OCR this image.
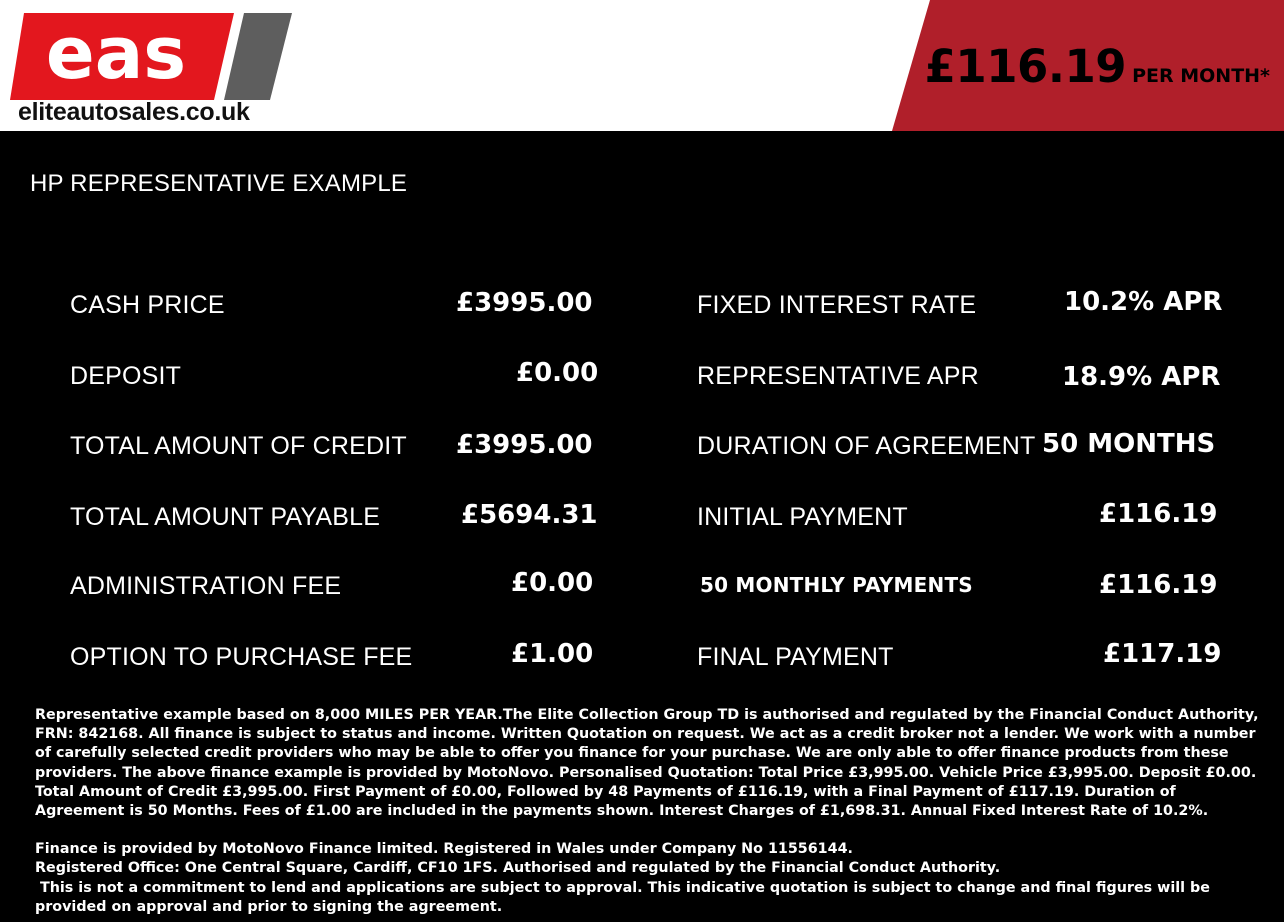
eas
eliteautosales.co.uk
£116.19 PER MONTH*
HP REPRESENTATIVE EXAMPLE
CASH PRICE	£3995.00
DEPOSIT	£0.00
TOTAL AMOUNT OF CREDIT £3995.00
TOTAL AMOUNT PAYABLE	£5694.31
ADMINISTRATION FEE	£0.00
OPTION TO PURCHASE FEE	£1.00
FIXED INTEREST RATE	10.2% APR
REPRESENTATIVE APR	18.9% APR
DURATION OF AGREEMENT 50 MONTHS
INITIAL PAYMENT	£116.19
50 MONTHLY PAYMENTS	£116.19
FINAL PAYMENT	£117.19

Representative example based on 8,000 MILES PER YEAR.The Elite Collection Group TD is authorised and regulated by the Financial Conduct Authority,

FRN: 842168. All finance is subject to status and income. Written Quotation on request. We act as a credit broker not a lender. We work with a number

of carefully selected credit providers who may be able to offer you finance for your purchase. We are only able to offer finance products from these

providers. The above finance example is provided by MotoNovo. Personalised Quotation: Total Price £3,995.00. Vehicle Price £3,995.00. Deposit £0.00.

Total Amount of Credit £3,995.00. First Payment of £0.00, Followed by 48 Payments of £116.19, with a Final Payment of £117.19. Duration of

Agreement is 50 Months. Fees of £1.00 are included in the payments shown. Interest Charges of £1,698.31. Annual Fixed Interest Rate of 10.2%.

Finance is provided by MotoNovo Finance limited. Registered in Wales under Company No 11556144.

Registered Office: One Central Square, Cardiff, CF10 1FS. Authorised and regulated by the Financial Conduct Authority.

This is not a commitment to lend and applications are subject to approval. This indicative quotation is subject to change and final figures will be

provided on approval and prior to signing the agreement.
